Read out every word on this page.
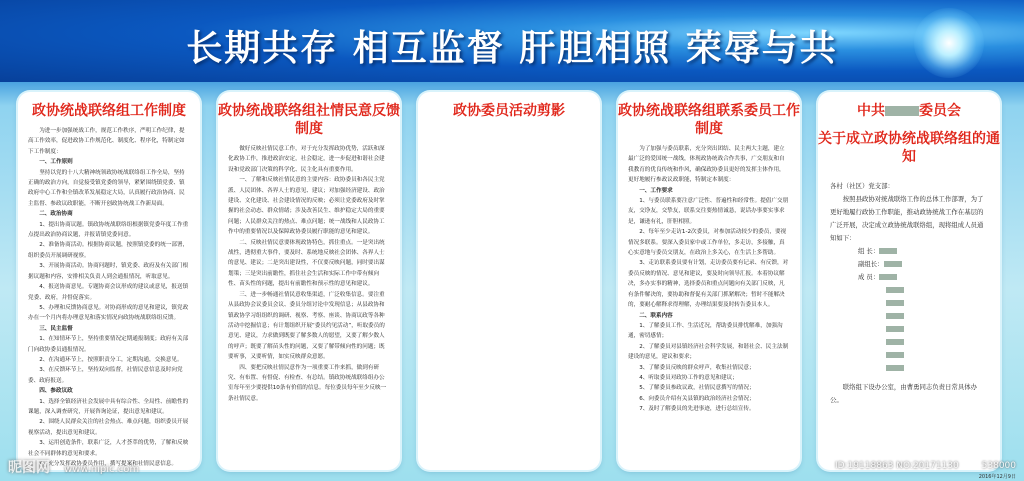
长期共存 相互监督 肝胆相照 荣辱与共
政协统战联络组工作制度

为进一步加强统战工作，规范工作秩序，严明工作纪律，提高工作效率，促进政协工作规范化、制度化、程序化，特制定如下工作制度：

一、工作原则

坚持以党的十八大精神统领政协统战联络组工作全局，坚持正确的政治方向，自觉接受镇党委的领导，紧紧围绕镇党委、镇政府中心工作和全镇改革发展稳定大局，认真履行政治协商、民主监督、参政议政职能，不断开创政协统战工作新局面。

二、政治协商

1、提出协商议题。镇政协统战联络组根据镇党委年度工作重点提出政治协商议题，并报请镇党委同意。

2、准备协商活动。根据协商议题，按照镇党委的统一部署，组织委员开展调研视察。

3、开展协商活动。协商问题时，镇党委、政府及有关部门根据议题和内容，安排相关负责人到会通报情况，听取意见。

4、报送协商意见。专题协商会议形成的建议或意见，报送镇党委、政府，并督促落实。

5、办理和反馈协商意见。对协商形成的意见和建议，镇党政办在一个月内将办理意见和落实情况向政协统战联络组反馈。

三、民主监督

1、在知情环节上，坚持重要情况定期通报制度；政府有关部门向政协委员通报情况。

2、在沟通环节上，按照职责分工，定期沟通，交换意见。

3、在反馈环节上，坚持双向监督，社情民意信息及时向党委、政府报送。

四、参政议政

1、选择全镇经济社会发展中具有综合性、全局性、前瞻性的课题，深入调查研究，开展咨询论证，提出意见和建议。

2、围绕人民群众关注的社会热点、难点问题，组织委员开展视察活动，提出意见和建议。

3、运用创造条件，联系广泛，人才荟萃的优势，了解和反映社会不同群体的意见和要求。

4、充分发挥政协委员作用，撰写提案和社情民意信息。

政协统战联络组社情民意反馈制度

做好反映社情民意工作，对于充分发挥政协优势，活跃和深化政协工作，推进政治安定，社会稳定，进一步促进和谐社会建设和党政部门决策的科学化、民主化具有重要作用。

一、了解和反映社情民意的主要内容：政协委员和各民主党派、人民团体、各界人士的意见、建议；对加强经济建设、政治建设、文化建设、社会建设情况的反映；必须让党委政府及时掌握的社会动态、群众情绪；涉及改善民生、维护稳定大局的重要问题；人民群众关注的热点、难点问题；统一战线和人民政协工作中的重要情况以及保障政协委员履行职能的意见和建议。

二、反映社情民意要体现政协特色，抓住重点。一是突出统战性，透彻重大事件，要及时、系统地反映社会团体、各界人士的意见、建议；二是突出建设性，不仅要反映问题，同时要出谋划策；三是突出前瞻性，抓住社会生活和实际工作中带有倾向性、苗头性的问题，提出有前瞻性和预示性的意见和建议。

三、进一步畅通社情民意收集渠道，广泛收集信息。要注重从县政协会议委员会议、委员分组讨论中发现信息；从县政协和镇政协学习组组织的调研、视察、考察、座谈、协商议政等各种活动中挖掘信息；有计划组织开展“委员约见活动”，听取委员的意见、建议，力求做到既要了解多数人的愿望，又要了解少数人的呼声；既要了解苗头性的问题，又要了解带倾向性的问题；既要听事，又要听情，如实反映群众意愿。

四、要把反映社情民意作为一项重要工作来抓，做到有研究、有布置、有督促、有检查、有总结。镇政协统战联络组办公室每年至少要提供10条有价值的信息。每位委员每年至少反映一条社情民意。

政协委员活动剪影	政协统战联络组联系委员工作制度

为了加强与委员联系，充分突出团结、民主两大主题，建立最广泛的爱国统一战线，体现政协统战合作共事，广交朋友和自我教育的优良传统和作风，确保政协委员更好的发挥主体作用，更好地履行参政议政职能，特制定本制度：

一、工作要求

1、与委员联系要注意广泛性、普遍性和经常性。提倡广交朋友，交诤友，交挚友，联系交往要热情诚恳，说话办事要实事求是，谦逊有礼，肝胆相照。

2、每年至少走访1-2次委员，对参加活动较少的委员，要视情况多联系。要深入委员家中或工作单位，多走访，多接触，真心实意地与委员交朋友，在政治上多关心，在生活上多帮助。

3、走访联系委员要有计划，走访委员要有记录、有反馈，对委员反映的情况、意见和建议，要及时向领导汇报。本着协议解决，多办实事的精神，选择委员和重点问题向有关部门反映，凡有条件解决的，要协助和督促有关部门抓紧解决；暂时不能解决的，要耐心解释求得理解，办理结果要及时转告委员本人。

二、联系内容

1、了解委员工作、生活近况，帮助委员排忧解难，加强沟通，密切感情；

2、了解委员对县镇经济社会科学发展，和谐社会、民主法制建设的意见，建议和要求；

3、了解委员反映的群众呼声，收集社情民意；

4、听取委员对政协工作的意见和建议；

5、了解委员参政议政，社情民意撰写的情况；

6、向委员介绍有关县镇的政治经济社会情况；

7、及时了解委员的先进事迹，进行总结宣传。

中共 委员会
关于成立政协统战联络组的通知

各村（社区）党支部：

按照县政协对统战联络工作的总体工作部署，为了更好地履行政协工作职能，推动政协统战工作在基层的广泛开展，决定成立政协统战联络组，现将组成人员通知如下：

组 长：

副组长：

成 员：

联络组下设办公室，由曹勇同志负责日常具体办公。

昵图网 www.nipic.com	ID:19118863 NO:20171130        538000
2016年12月9日
